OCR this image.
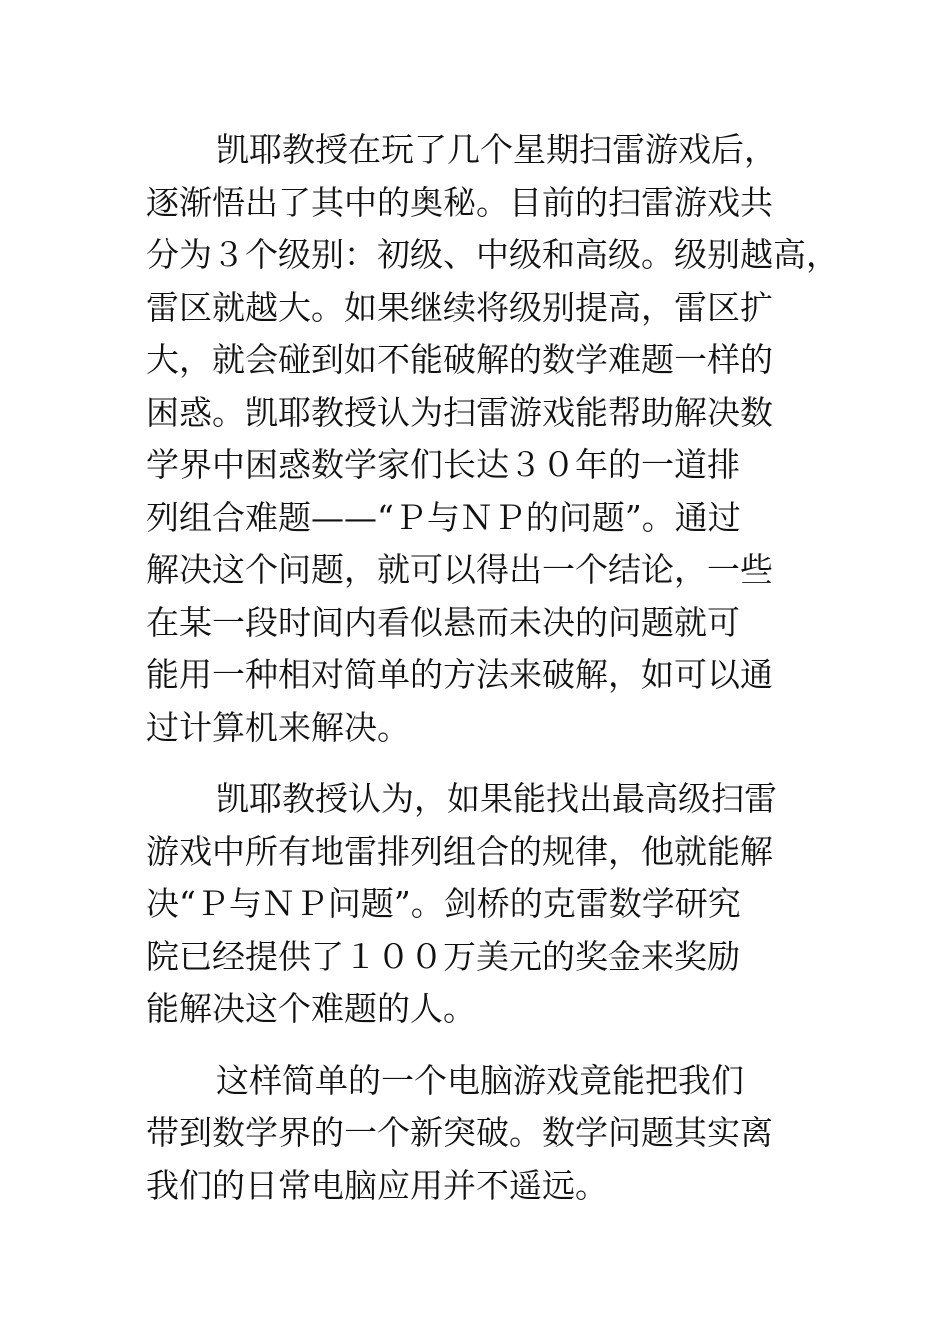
凯耶教授在玩了几个星期扫雷游戏后，
逐渐悟出了其中的奥秘。目前的扫雷游戏共
分为３个级别：初级、中级和高级。级别越高，
雷区就越大。如果继续将级别提高，雷区扩
大，就会碰到如不能破解的数学难题一样的
困惑。凯耶教授认为扫雷游戏能帮助解决数
学界中困惑数学家们长达３０年的一道排
列组合难题——“Ｐ与ＮＰ的问题”。通过
解决这个问题，就可以得出一个结论，一些
在某一段时间内看似悬而未决的问题就可
能用一种相对简单的方法来破解，如可以通
过计算机来解决。

凯耶教授认为，如果能找出最高级扫雷
游戏中所有地雷排列组合的规律，他就能解
决“Ｐ与ＮＰ问题”。剑桥的克雷数学研究
院已经提供了１００万美元的奖金来奖励
能解决这个难题的人。

这样简单的一个电脑游戏竟能把我们
带到数学界的一个新突破。数学问题其实离
我们的日常电脑应用并不遥远。
